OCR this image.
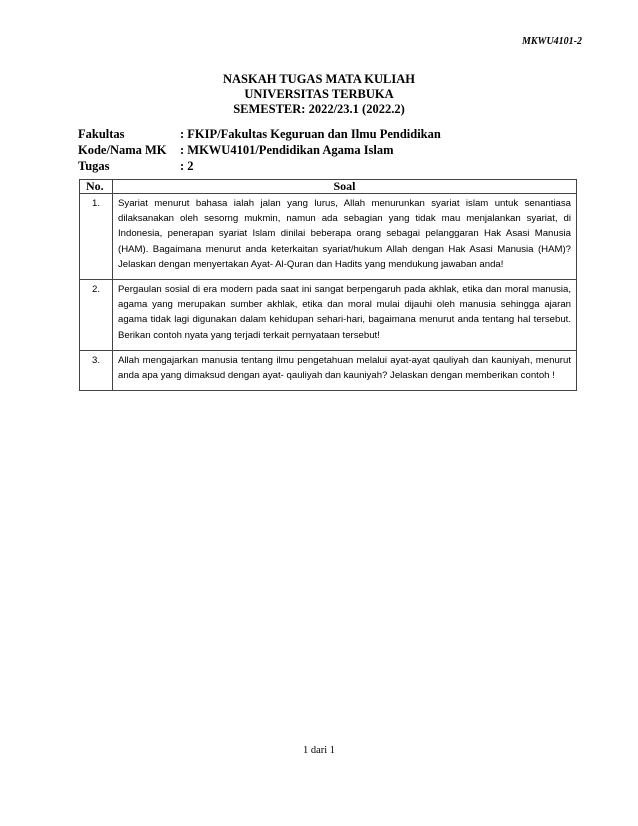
MKWU4101-2
NASKAH TUGAS MATA KULIAH
UNIVERSITAS TERBUKA
SEMESTER: 2022/23.1 (2022.2)
Fakultas	: FKIP/Fakultas Keguruan dan Ilmu Pendidikan
Kode/Nama MK	: MKWU4101/Pendidikan Agama Islam
Tugas	: 2
No.	Soal
1.	Syariat menurut bahasa ialah jalan yang lurus, Allah menurunkan syariat islam untuk senantiasa dilaksanakan oleh sesorng mukmin, namun ada sebagian yang tidak mau menjalankan syariat, di Indonesia, penerapan syariat Islam dinilai beberapa orang sebagai pelanggaran Hak Asasi Manusia (HAM). Bagaimana menurut anda keterkaitan syariat/hukum Allah dengan Hak Asasi Manusia (HAM)? Jelaskan dengan menyertakan Ayat- Al-Quran dan Hadits yang mendukung jawaban anda!
2.	Pergaulan sosial di era modern pada saat ini sangat berpengaruh pada akhlak, etika dan moral manusia, agama yang merupakan sumber akhlak, etika dan moral mulai dijauhi oleh manusia sehingga ajaran agama tidak lagi digunakan dalam kehidupan sehari-hari, bagaimana menurut anda tentang hal tersebut. Berikan contoh nyata yang terjadi terkait pernyataan tersebut!
3.	Allah mengajarkan manusia tentang ilmu pengetahuan melalui ayat-ayat qauliyah dan kauniyah, menurut anda apa yang dimaksud dengan ayat- qauliyah dan kauniyah? Jelaskan dengan memberikan contoh !
1 dari 1
